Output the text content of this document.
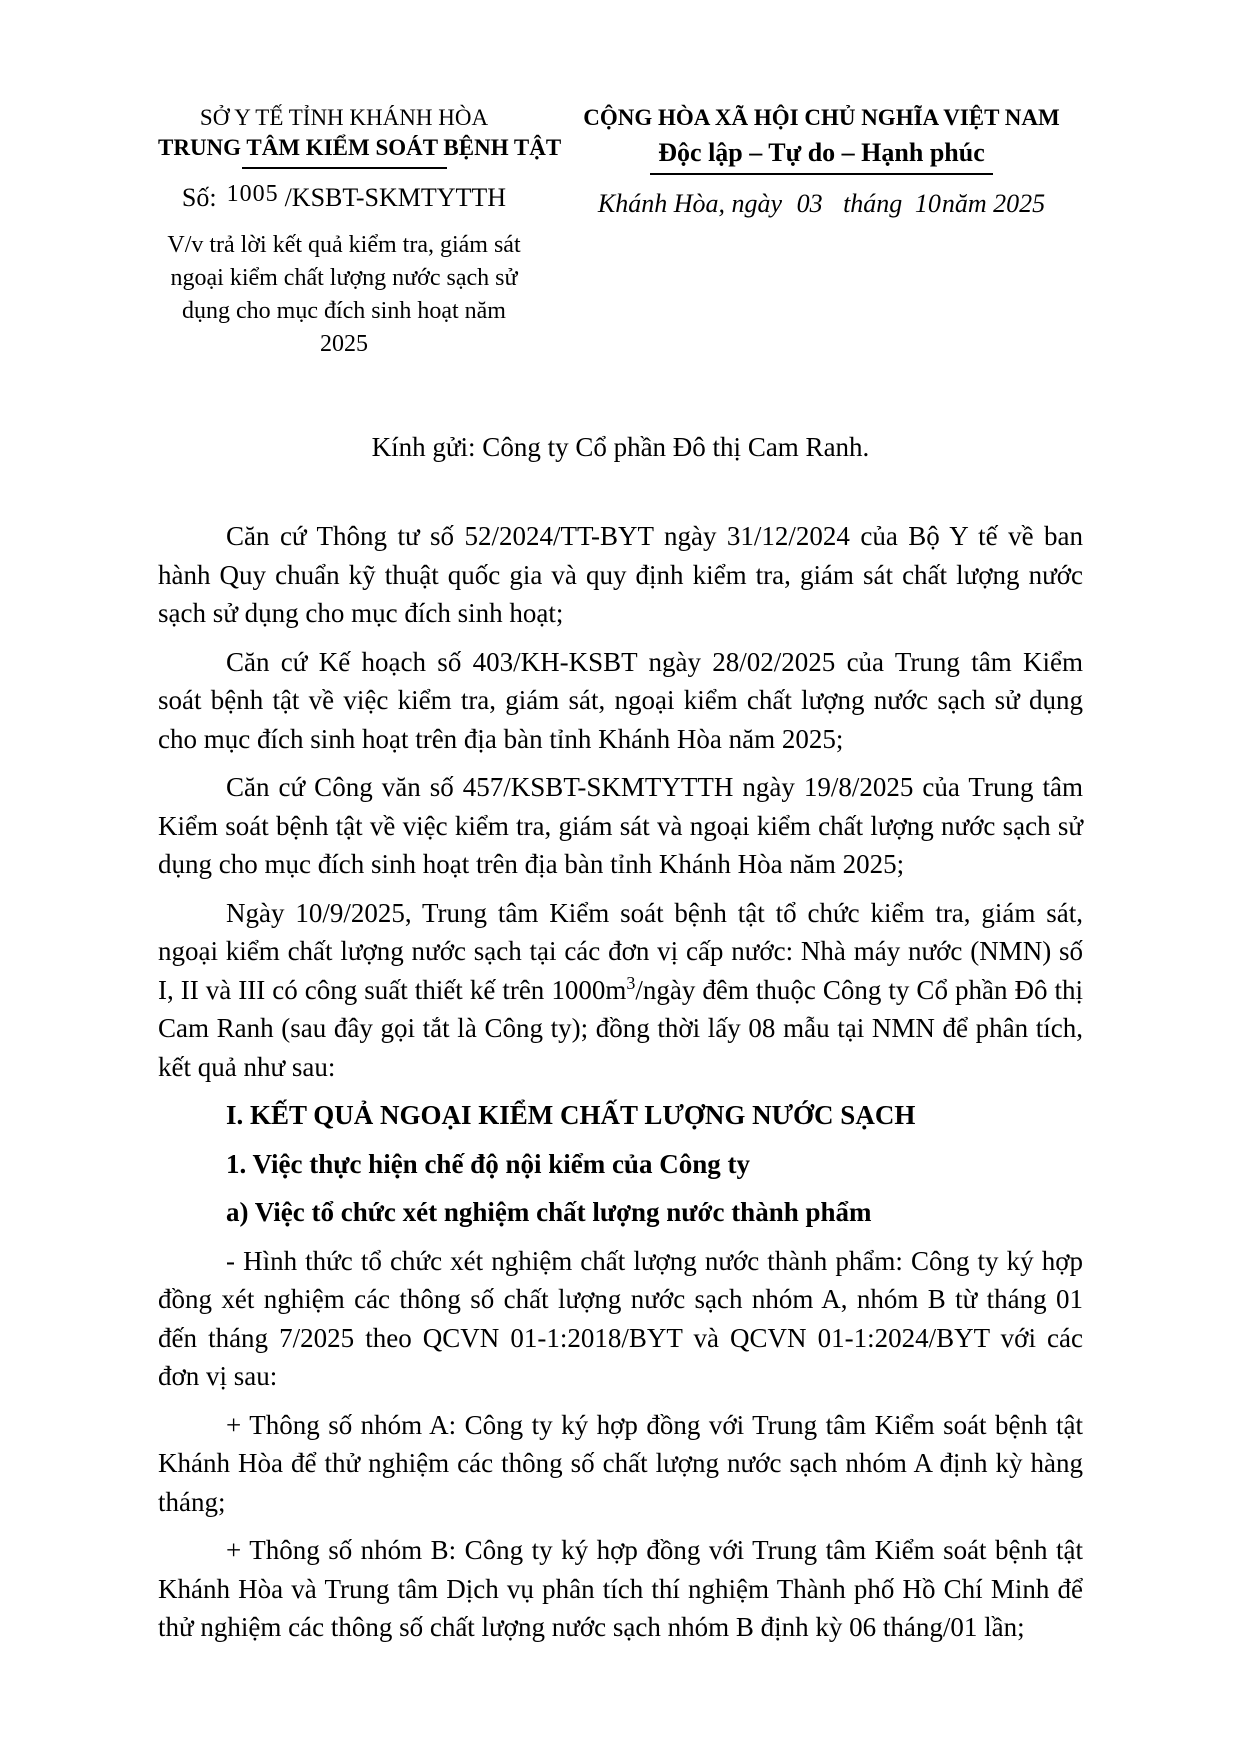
SỞ Y TẾ TỈNH KHÁNH HÒA
TRUNG TÂM KIỂM SOÁT BỆNH TẬT
Số: 1005 /KSBT-SKMTYTTH
V/v trả lời kết quả kiểm tra, giám sát
ngoại kiểm chất lượng nước sạch sử
dụng cho mục đích sinh hoạt năm 2025
CỘNG HÒA XÃ HỘI CHỦ NGHĨA VIỆT NAM
Độc lập – Tự do – Hạnh phúc
Khánh Hòa, ngày 03 tháng 10năm 2025
Kính gửi: Công ty Cổ phần Đô thị Cam Ranh.

Căn cứ Thông tư số 52/2024/TT-BYT ngày 31/12/2024 của Bộ Y tế về ban hành Quy chuẩn kỹ thuật quốc gia và quy định kiểm tra, giám sát chất lượng nước sạch sử dụng cho mục đích sinh hoạt;

Căn cứ Kế hoạch số 403/KH-KSBT ngày 28/02/2025 của Trung tâm Kiểm soát bệnh tật về việc kiểm tra, giám sát, ngoại kiểm chất lượng nước sạch sử dụng cho mục đích sinh hoạt trên địa bàn tỉnh Khánh Hòa năm 2025;

Căn cứ Công văn số 457/KSBT-SKMTYTTH ngày 19/8/2025 của Trung tâm Kiểm soát bệnh tật về việc kiểm tra, giám sát và ngoại kiểm chất lượng nước sạch sử dụng cho mục đích sinh hoạt trên địa bàn tỉnh Khánh Hòa năm 2025;

Ngày 10/9/2025, Trung tâm Kiểm soát bệnh tật tổ chức kiểm tra, giám sát, ngoại kiểm chất lượng nước sạch tại các đơn vị cấp nước: Nhà máy nước (NMN) số I, II và III có công suất thiết kế trên $1000m^3$/ngày đêm thuộc Công ty Cổ phần Đô thị Cam Ranh (sau đây gọi tắt là Công ty); đồng thời lấy 08 mẫu tại NMN để phân tích, kết quả như sau:

I. KẾT QUẢ NGOẠI KIỂM CHẤT LƯỢNG NƯỚC SẠCH

1. Việc thực hiện chế độ nội kiểm của Công ty

a) Việc tổ chức xét nghiệm chất lượng nước thành phẩm

- Hình thức tổ chức xét nghiệm chất lượng nước thành phẩm: Công ty ký hợp đồng xét nghiệm các thông số chất lượng nước sạch nhóm A, nhóm B từ tháng 01 đến tháng 7/2025 theo QCVN 01-1:2018/BYT và QCVN 01-1:2024/BYT với các đơn vị sau:

+ Thông số nhóm A: Công ty ký hợp đồng với Trung tâm Kiểm soát bệnh tật Khánh Hòa để thử nghiệm các thông số chất lượng nước sạch nhóm A định kỳ hàng tháng;

+ Thông số nhóm B: Công ty ký hợp đồng với Trung tâm Kiểm soát bệnh tật Khánh Hòa và Trung tâm Dịch vụ phân tích thí nghiệm Thành phố Hồ Chí Minh để thử nghiệm các thông số chất lượng nước sạch nhóm B định kỳ 06 tháng/01 lần;
